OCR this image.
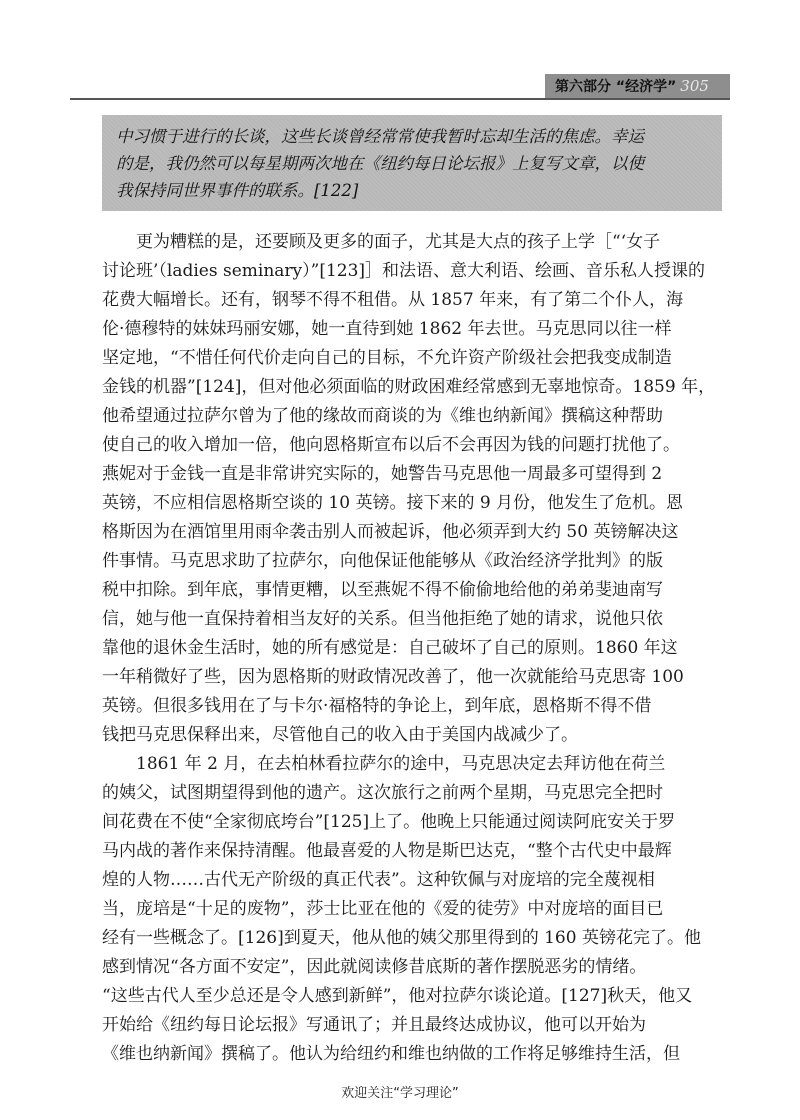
第六部分 “经济学” 305
中习惯于进行的长谈，这些长谈曾经常常使我暂时忘却生活的焦虑。幸运
的是，我仍然可以每星期两次地在《纽约每日论坛报》上复写文章，以使
我保持同世界事件的联系。[122]
　　更为糟糕的是，还要顾及更多的面子，尤其是大点的孩子上学［“‘女子
讨论班’（ladies seminary）”[123]］和法语、意大利语、绘画、音乐私人授课的
花费大幅增长。还有，钢琴不得不租借。从 1857 年来，有了第二个仆人，海
伦·德穆特的妹妹玛丽安娜，她一直待到她 1862 年去世。马克思同以往一样
坚定地，“不惜任何代价走向自己的目标，不允许资产阶级社会把我变成制造
金钱的机器”[124]，但对他必须面临的财政困难经常感到无辜地惊奇。1859 年，
他希望通过拉萨尔曾为了他的缘故而商谈的为《维也纳新闻》撰稿这种帮助
使自己的收入增加一倍，他向恩格斯宣布以后不会再因为钱的问题打扰他了。
燕妮对于金钱一直是非常讲究实际的，她警告马克思他一周最多可望得到 2
英镑，不应相信恩格斯空谈的 10 英镑。接下来的 9 月份，他发生了危机。恩
格斯因为在酒馆里用雨伞袭击别人而被起诉，他必须弄到大约 50 英镑解决这
件事情。马克思求助了拉萨尔，向他保证他能够从《政治经济学批判》的版
税中扣除。到年底，事情更糟，以至燕妮不得不偷偷地给他的弟弟斐迪南写
信，她与他一直保持着相当友好的关系。但当他拒绝了她的请求，说他只依
靠他的退休金生活时，她的所有感觉是：自己破坏了自己的原则。1860 年这
一年稍微好了些，因为恩格斯的财政情况改善了，他一次就能给马克思寄 100
英镑。但很多钱用在了与卡尔·福格特的争论上，到年底，恩格斯不得不借
钱把马克思保释出来，尽管他自己的收入由于美国内战减少了。
　　1861 年 2 月，在去柏林看拉萨尔的途中，马克思决定去拜访他在荷兰
的姨父，试图期望得到他的遗产。这次旅行之前两个星期，马克思完全把时
间花费在不使“全家彻底垮台”[125]上了。他晚上只能通过阅读阿庇安关于罗
马内战的著作来保持清醒。他最喜爱的人物是斯巴达克，“整个古代史中最辉
煌的人物……古代无产阶级的真正代表”。这种钦佩与对庞培的完全蔑视相
当，庞培是“十足的废物”，莎士比亚在他的《爱的徒劳》中对庞培的面目已
经有一些概念了。[126]到夏天，他从他的姨父那里得到的 160 英镑花完了。他
感到情况“各方面不安定”，因此就阅读修昔底斯的著作摆脱恶劣的情绪。
“这些古代人至少总还是令人感到新鲜”，他对拉萨尔谈论道。[127]秋天，他又
开始给《纽约每日论坛报》写通讯了；并且最终达成协议，他可以开始为
《维也纳新闻》撰稿了。他认为给纽约和维也纳做的工作将足够维持生活，但
欢迎关注“学习理论”
